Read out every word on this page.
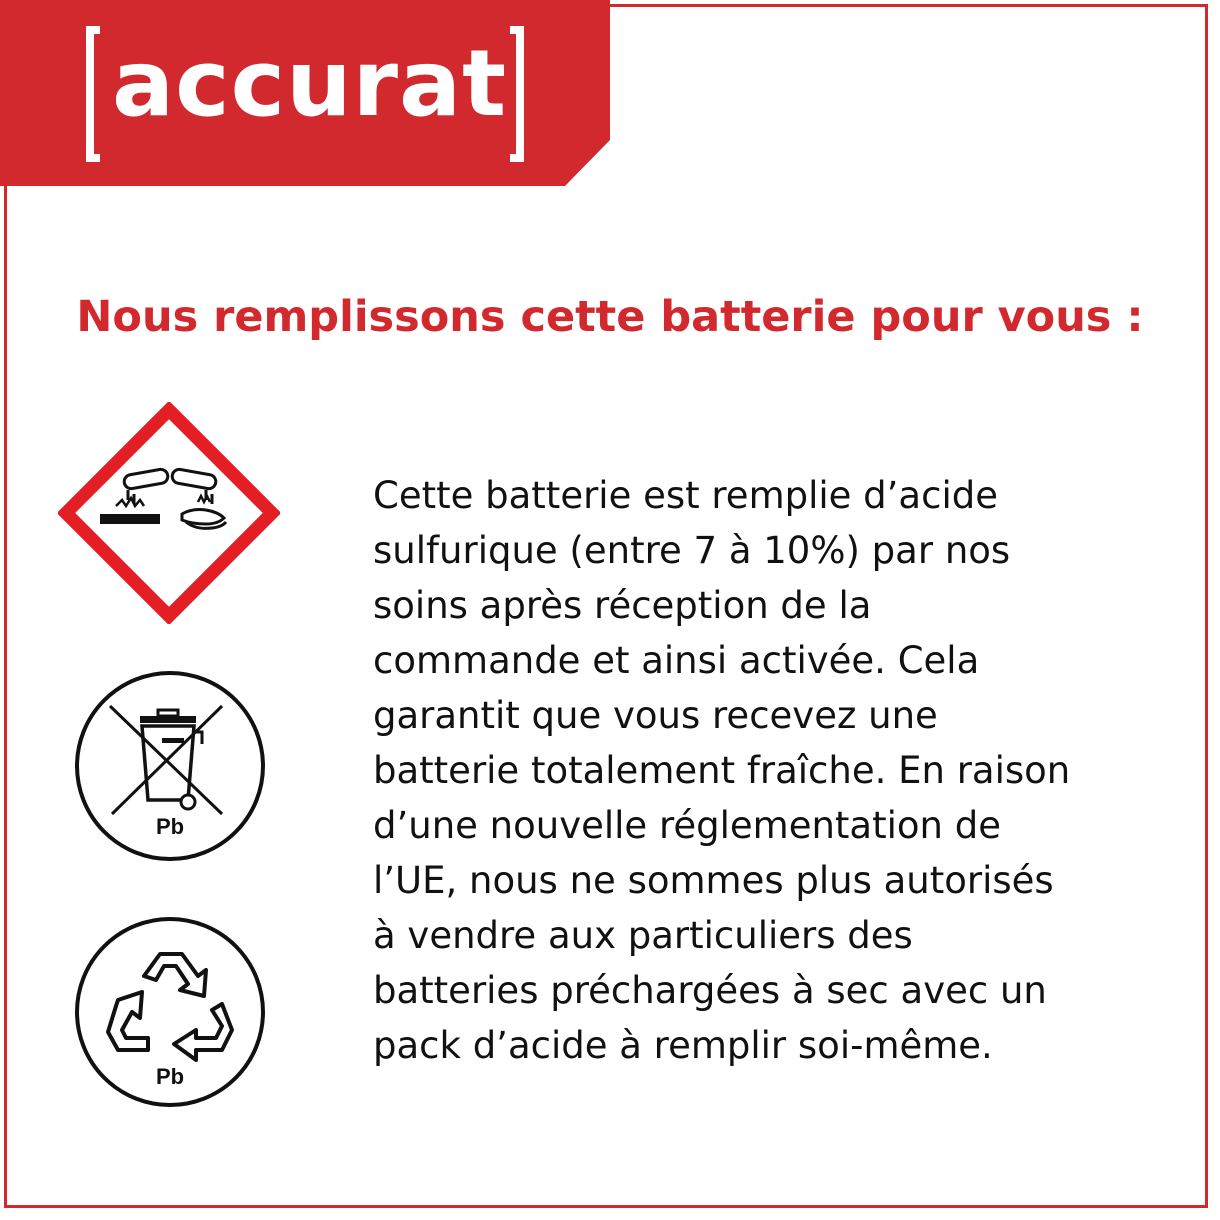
accurat
Nous remplissons cette batterie pour vous :
Pb
Pb
Cette batterie est remplie d’acide
sulfurique (entre 7 à 10%) par nos
soins après réception de la
commande et ainsi activée. Cela
garantit que vous recevez une
batterie totalement fraîche. En raison
d’une nouvelle réglementation de
l’UE, nous ne sommes plus autorisés
à vendre aux particuliers des
batteries préchargées à sec avec un
pack d’acide à remplir soi-même.
